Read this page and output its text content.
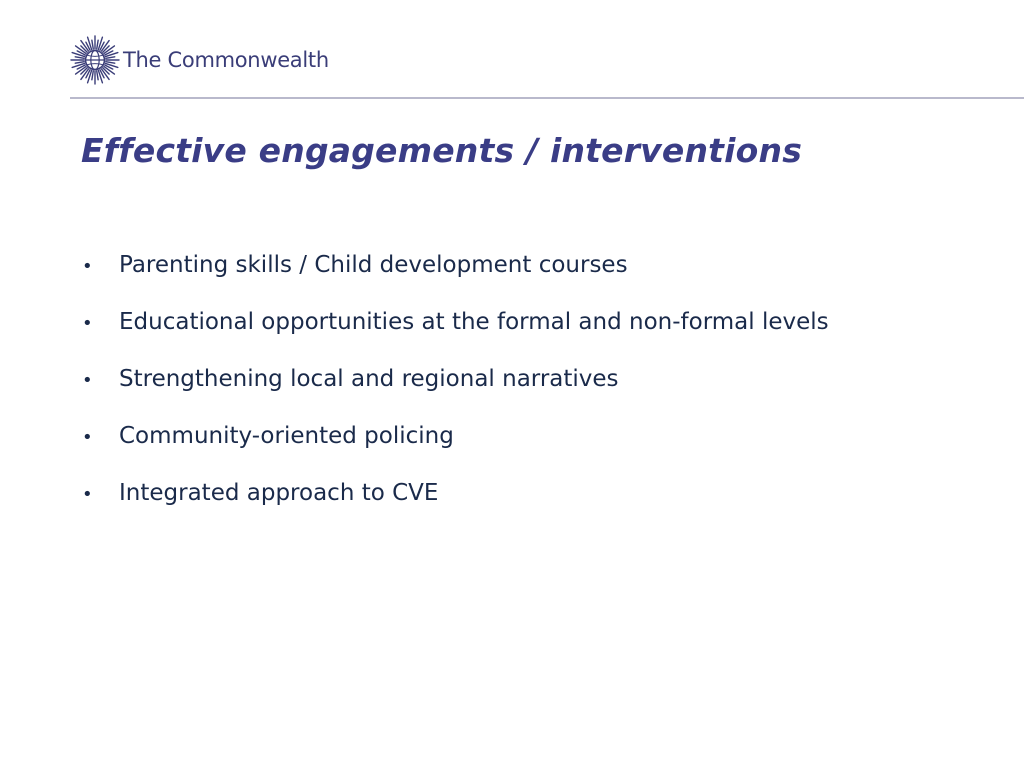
The Commonwealth
Effective engagements / interventions
•	Parenting skills / Child development courses
•	Educational opportunities at the formal and non-formal levels
•	Strengthening local and regional narratives
•	Community-oriented policing
•	Integrated approach to CVE
